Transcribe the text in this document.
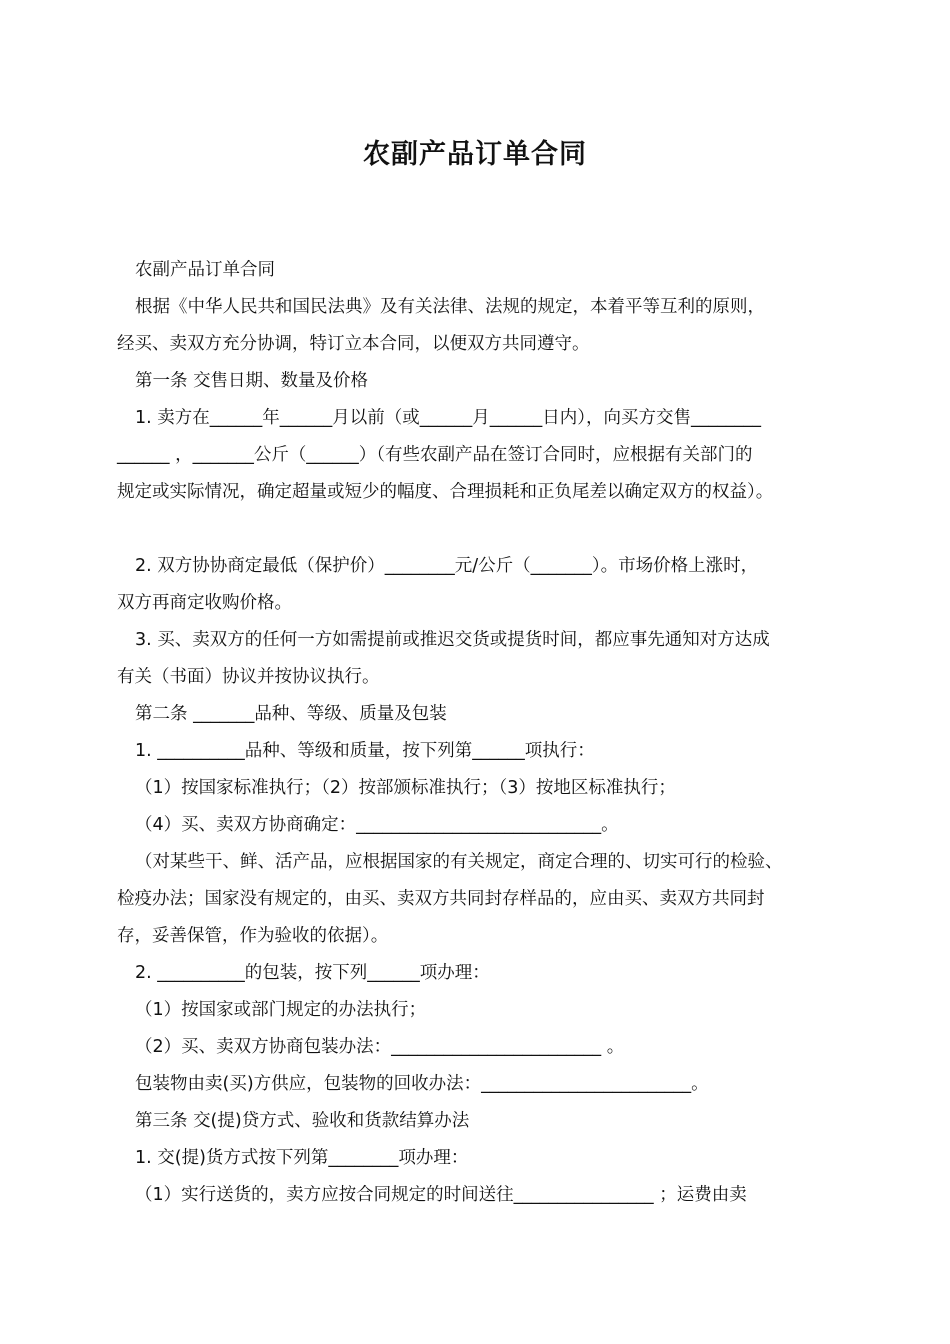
农副产品订单合同

农副产品订单合同

根据《中华人民共和国民法典》及有关法律、法规的规定，本着平等互利的原则，

经买、卖双方充分协调，特订立本合同，以便双方共同遵守。

第一条 交售日期、数量及价格

1. 卖方在______年______月以前（或______月______日内），向买方交售________

______ ，_______公斤（______）（有些农副产品在签订合同时，应根据有关部门的

规定或实际情况，确定超量或短少的幅度、合理损耗和正负尾差以确定双方的权益）。

2. 双方协协商定最低（保护价）________元/公斤（_______）。市场价格上涨时，

双方再商定收购价格。

3. 买、卖双方的任何一方如需提前或推迟交货或提货时间，都应事先通知对方达成

有关（书面）协议并按协议执行。

第二条 _______品种、等级、质量及包装

1. __________品种、等级和质量，按下列第______项执行：

（1）按国家标准执行；（2）按部颁标准执行；（3）按地区标准执行；

（4）买、卖双方协商确定：____________________________。

（对某些干、鲜、活产品，应根据国家的有关规定，商定合理的、切实可行的检验、

检疫办法；国家没有规定的，由买、卖双方共同封存样品的，应由买、卖双方共同封

存，妥善保管，作为验收的依据）。

2. __________的包装，按下列______项办理：

（1）按国家或部门规定的办法执行；

（2）买、卖双方协商包装办法：________________________ 。

包装物由卖(买)方供应，包装物的回收办法：________________________。

第三条 交(提)贷方式、验收和货款结算办法

1. 交(提)货方式按下列第________项办理：

（1）实行送货的，卖方应按合同规定的时间送往________________ ；运费由卖
